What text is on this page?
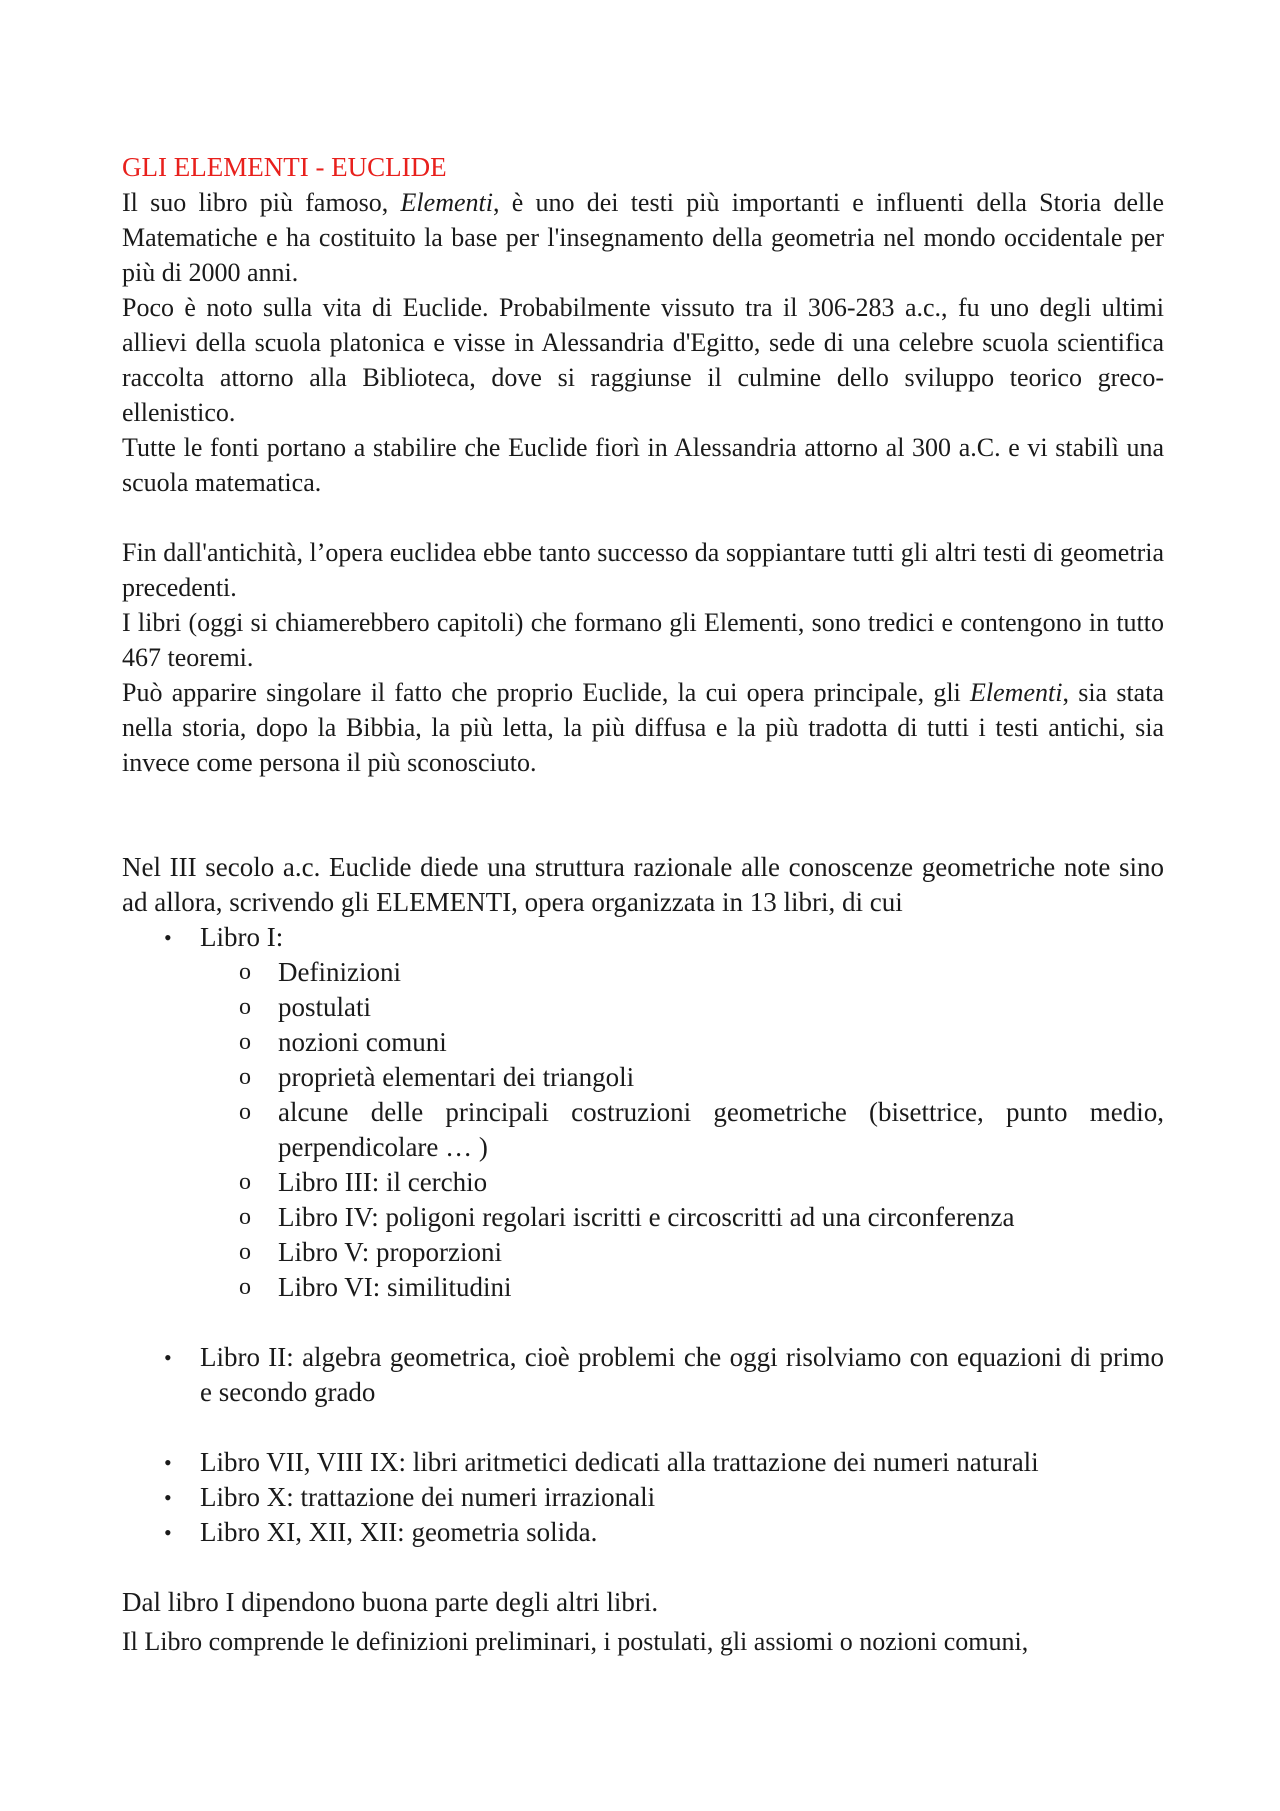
GLI ELEMENTI - EUCLIDE

Il suo libro più famoso, Elementi, è uno dei testi più importanti e influenti della Storia delle Matematiche e ha costituito la base per l'insegnamento della geometria nel mondo occidentale per più di 2000 anni.

Poco è noto sulla vita di Euclide. Probabilmente vissuto tra il 306-283 a.c., fu uno degli ultimi allievi della scuola platonica e visse in Alessandria d'Egitto, sede di una celebre scuola scientifica raccolta attorno alla Biblioteca, dove si raggiunse il culmine dello sviluppo teorico greco-ellenistico.

Tutte le fonti portano a stabilire che Euclide fiorì in Alessandria attorno al 300 a.C. e vi stabilì una scuola matematica.

Fin dall'antichità, l’opera euclidea ebbe tanto successo da soppiantare tutti gli altri testi di geometria precedenti.

I libri (oggi si chiamerebbero capitoli) che formano gli Elementi, sono tredici e contengono in tutto 467 teoremi.

Può apparire singolare il fatto che proprio Euclide, la cui opera principale, gli Elementi, sia stata nella storia, dopo la Bibbia, la più letta, la più diffusa e la più tradotta di tutti i testi antichi, sia invece come persona il più sconosciuto.

Nel III secolo a.c. Euclide diede una struttura razionale alle conoscenze geometriche note sino ad allora, scrivendo gli ELEMENTI, opera organizzata in 13 libri, di cui

• Libro I:
o Definizioni
o postulati
o nozioni comuni
o proprietà elementari dei triangoli
o alcune delle principali costruzioni geometriche (bisettrice, punto medio, perpendicolare … )
o Libro III: il cerchio
o Libro IV: poligoni regolari iscritti e circoscritti ad una circonferenza
o Libro V: proporzioni
o Libro VI: similitudini
• Libro II: algebra geometrica, cioè problemi che oggi risolviamo con equazioni di primo e secondo grado
• Libro VII, VIII IX: libri aritmetici dedicati alla trattazione dei numeri naturali
• Libro X: trattazione dei numeri irrazionali
• Libro XI, XII, XII: geometria solida.

Dal libro I dipendono buona parte degli altri libri.

Il Libro comprende le definizioni preliminari, i postulati, gli assiomi o nozioni comuni,
